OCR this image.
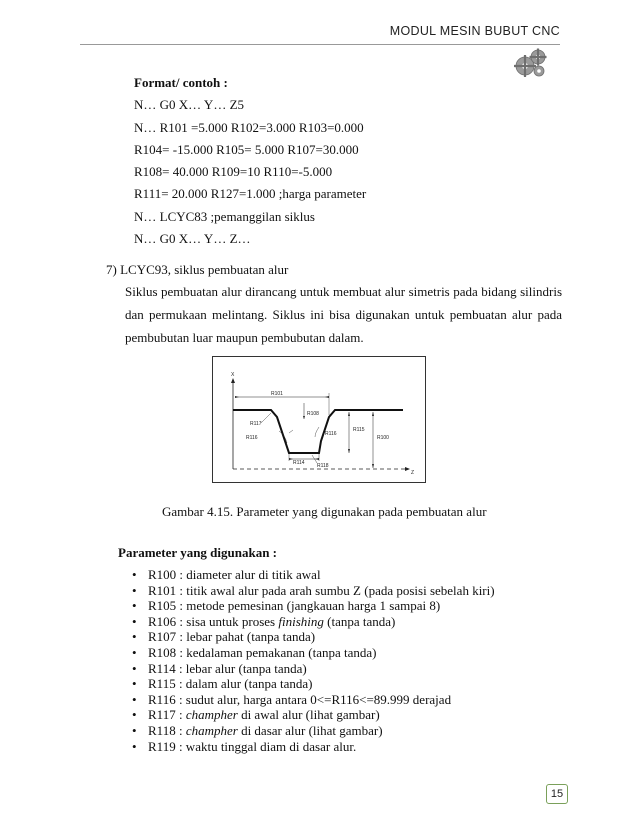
MODUL MESIN BUBUT CNC
Format/ contoh :
N… G0 X… Y… Z5
N… R101 =5.000 R102=3.000 R103=0.000
R104= -15.000 R105= 5.000 R107=30.000
R108= 40.000 R109=10 R110=-5.000
R111= 20.000 R127=1.000 ;harga parameter
N… LCYC83 ;pemanggilan siklus
N… G0 X… Y… Z…
7) LCYC93, siklus pembuatan alur
Siklus pembuatan alur dirancang untuk membuat alur simetris pada bidang silindris
dan permukaan melintang. Siklus ini bisa digunakan untuk pembuatan alur pada
pembubutan luar maupun pembubutan dalam.
X
Z
R101
R108
R117
R116
R116
R115
R100
R114 R118
Gambar 4.15. Parameter yang digunakan pada pembuatan alur
Parameter yang digunakan :
• R100 : diameter alur di titik awal
• R101 : titik awal alur pada arah sumbu Z (pada posisi sebelah kiri)
• R105 : metode pemesinan (jangkauan harga 1 sampai 8)
• R106 : sisa untuk proses finishing (tanpa tanda)
• R107 : lebar pahat (tanpa tanda)
• R108 : kedalaman pemakanan (tanpa tanda)
• R114 : lebar alur (tanpa tanda)
• R115 : dalam alur (tanpa tanda)
• R116 : sudut alur, harga antara 0<=R116<=89.999 derajad
• R117 : champher di awal alur (lihat gambar)
• R118 : champher di dasar alur (lihat gambar)
• R119 : waktu tinggal diam di dasar alur.
15
